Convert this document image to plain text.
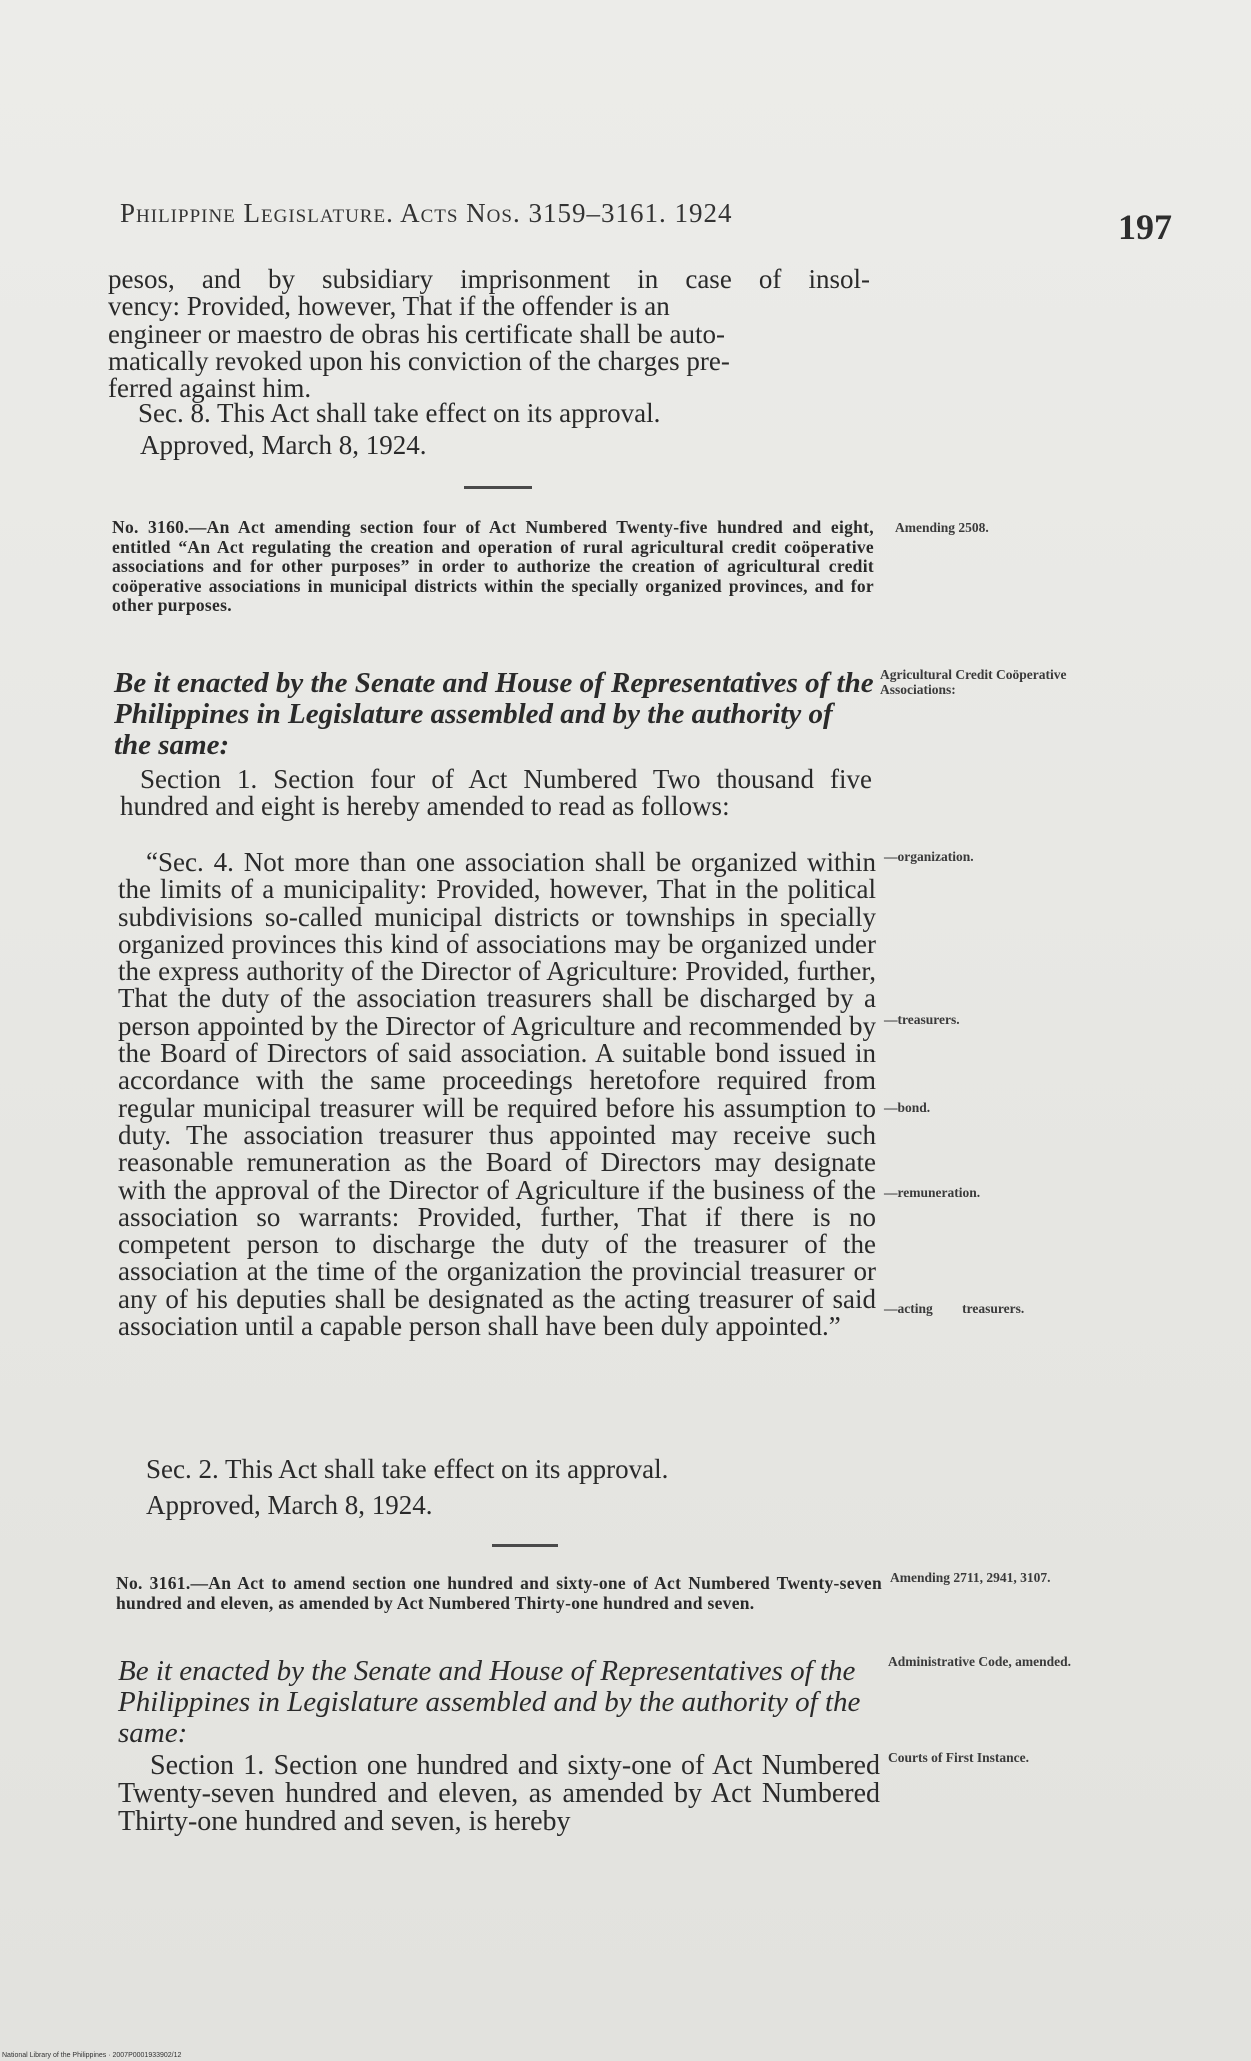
Philippine Legislature. Acts Nos. 3159–3161. 1924	197
pesos, and by subsidiary imprisonment in case of insol-
vency: Provided, however, That if the offender is an
engineer or maestro de obras his certificate shall be auto-
matically revoked upon his conviction of the charges pre-
ferred against him.
Sec. 8. This Act shall take effect on its approval.
Approved, March 8, 1924.
No. 3160.—An Act amending section four of Act Numbered Twenty-five hundred and eight, entitled “An Act regulating the creation and operation of rural agricultural credit coöperative associations and for other purposes” in order to authorize the creation of agricultural credit coöperative associations in municipal districts within the specially organized provinces, and for other purposes.
Amending 2508.
Be it enacted by the Senate and House of Representatives of the Philippines in Legislature assembled and by the authority of the same:
Agricultural Credit Coöperative Associations:
Section 1. Section four of Act Numbered Two thousand five hundred and eight is hereby amended to read as follows:
“Sec. 4. Not more than one association shall be organized within the limits of a municipality: Provided, however, That in the political subdivisions so-called municipal districts or townships in specially organized provinces this kind of associations may be organized under the express authority of the Director of Agriculture: Provided, further, That the duty of the association treasurers shall be discharged by a person appointed by the Director of Agriculture and recommended by the Board of Directors of said association. A suitable bond issued in accordance with the same proceedings heretofore required from regular municipal treasurer will be required before his assumption to duty. The association treasurer thus appointed may receive such reasonable remuneration as the Board of Directors may designate with the approval of the Director of Agriculture if the business of the association so warrants: Provided, further, That if there is no competent person to discharge the duty of the treasurer of the association at the time of the organization the provincial treasurer or any of his deputies shall be designated as the acting treasurer of said association until a capable person shall have been duly appointed.”
—organization.
—treasurers.
—bond.
—remuneration.
—acting treasurers.
Sec. 2. This Act shall take effect on its approval.
Approved, March 8, 1924.
No. 3161.—An Act to amend section one hundred and sixty-one of Act Numbered Twenty-seven hundred and eleven, as amended by Act Numbered Thirty-one hundred and seven.
Amending 2711, 2941, 3107.
Be it enacted by the Senate and House of Representatives of the Philippines in Legislature assembled and by the authority of the same:
Administrative Code, amended.
Section 1. Section one hundred and sixty-one of Act Numbered Twenty-seven hundred and eleven, as amended by Act Numbered Thirty-one hundred and seven, is hereby
Courts of First Instance.
National Library of the Philippines · 2007P0001933902/12
